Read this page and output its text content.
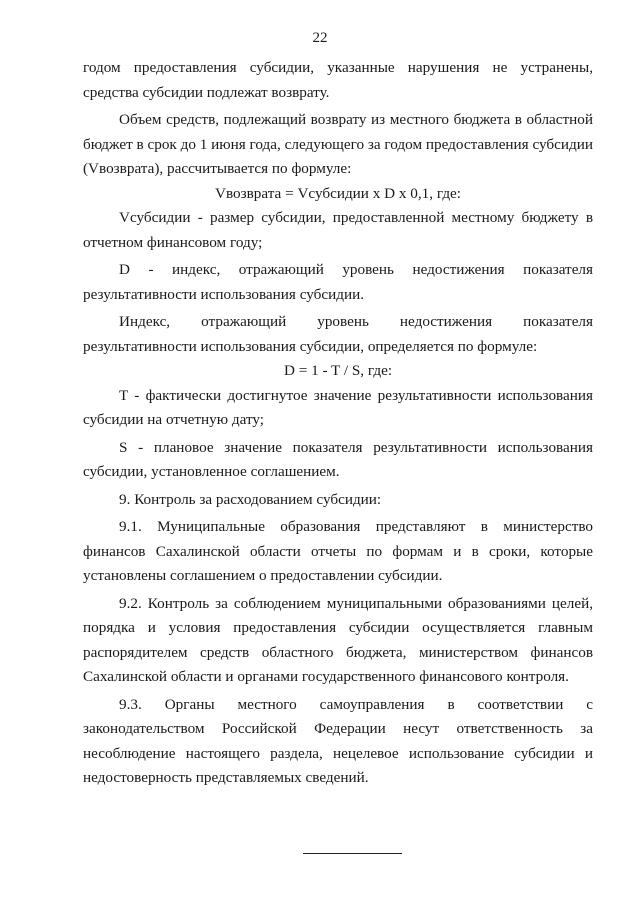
22

годом предоставления субсидии, указанные нарушения не устранены, средства субсидии подлежат возврату.

Объем средств, подлежащий возврату из местного бюджета в областной бюджет в срок до 1 июня года, следующего за годом предоставления субсидии (Vвозврата), рассчитывается по формуле:

Vвозврата = Vсубсидии x D x 0,1, где:

Vсубсидии - размер субсидии, предоставленной местному бюджету в отчетном финансовом году;

D - индекс, отражающий уровень недостижения показателя результативности использования субсидии.

Индекс, отражающий уровень недостижения показателя результативности использования субсидии, определяется по формуле:

D = 1 - T / S, где:

T - фактически достигнутое значение результативности использования субсидии на отчетную дату;

S - плановое значение показателя результативности использования субсидии, установленное соглашением.

9. Контроль за расходованием субсидии:

9.1. Муниципальные образования представляют в министерство финансов Сахалинской области отчеты по формам и в сроки, которые установлены соглашением о предоставлении субсидии.

9.2. Контроль за соблюдением муниципальными образованиями целей, порядка и условия предоставления субсидии осуществляется главным распорядителем средств областного бюджета, министерством финансов Сахалинской области и органами государственного финансового контроля.

9.3. Органы местного самоуправления в соответствии с законодательством Российской Федерации несут ответственность за несоблюдение настоящего раздела, нецелевое использование субсидии и недостоверность представляемых сведений.
